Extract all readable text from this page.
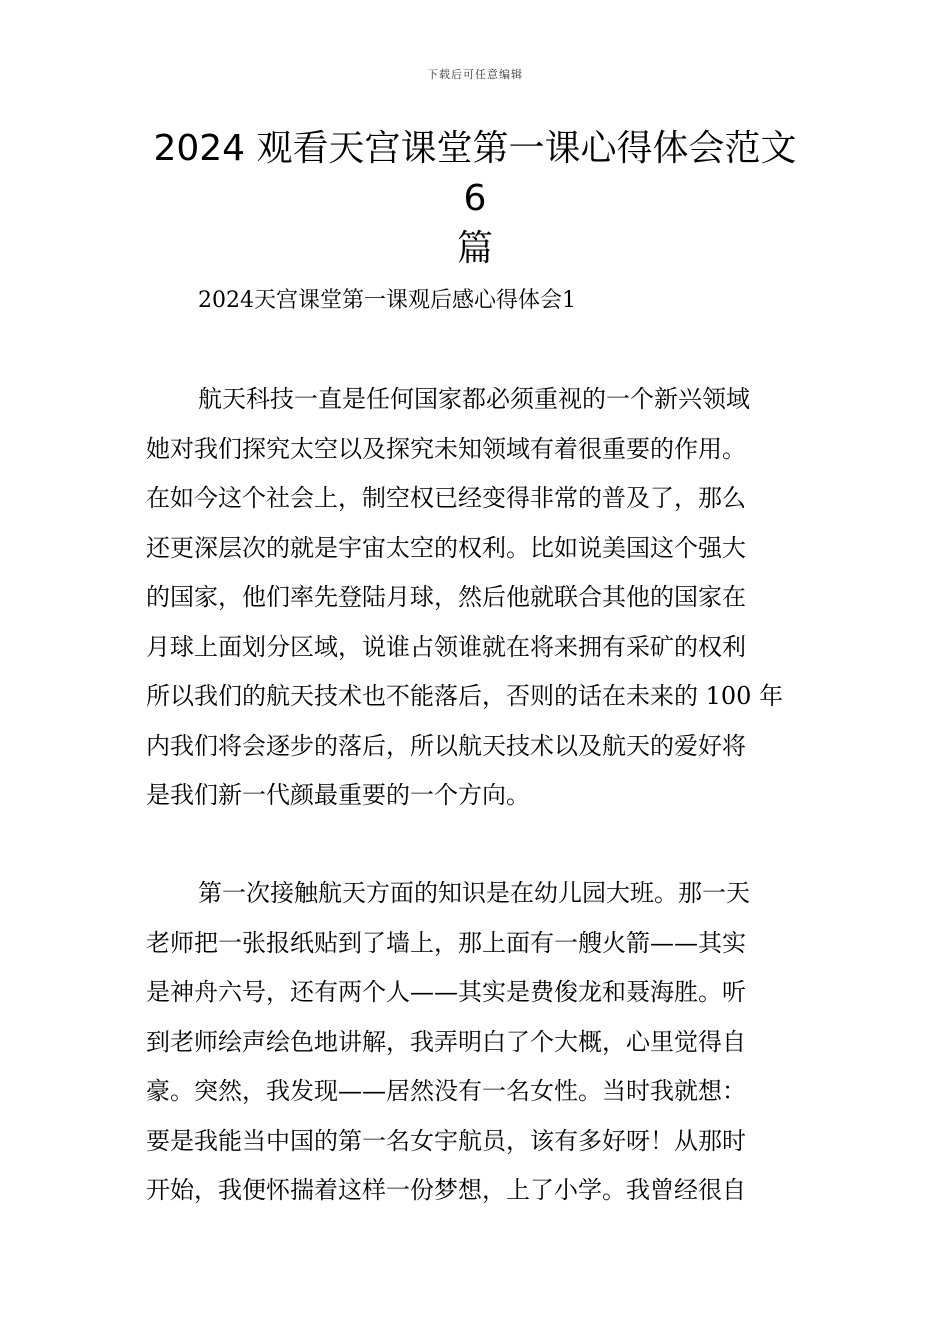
下载后可任意编辑
2024 观看天宫课堂第一课心得体会范文 6
篇
2024天宫课堂第一课观后感心得体会1
航天科技一直是任何国家都必须重视的一个新兴领域
她对我们探究太空以及探究未知领域有着很重要的作用。
在如今这个社会上，制空权已经变得非常的普及了，那么
还更深层次的就是宇宙太空的权利。比如说美国这个强大
的国家，他们率先登陆月球，然后他就联合其他的国家在
月球上面划分区域，说谁占领谁就在将来拥有采矿的权利
所以我们的航天技术也不能落后，否则的话在未来的 100 年
内我们将会逐步的落后，所以航天技术以及航天的爱好将
是我们新一代颜最重要的一个方向。
第一次接触航天方面的知识是在幼儿园大班。那一天
老师把一张报纸贴到了墙上，那上面有一艘火箭——其实
是神舟六号，还有两个人——其实是费俊龙和聂海胜。听
到老师绘声绘色地讲解，我弄明白了个大概，心里觉得自
豪。突然，我发现——居然没有一名女性。当时我就想：
要是我能当中国的第一名女宇航员，该有多好呀！从那时
开始，我便怀揣着这样一份梦想，上了小学。我曾经很自
